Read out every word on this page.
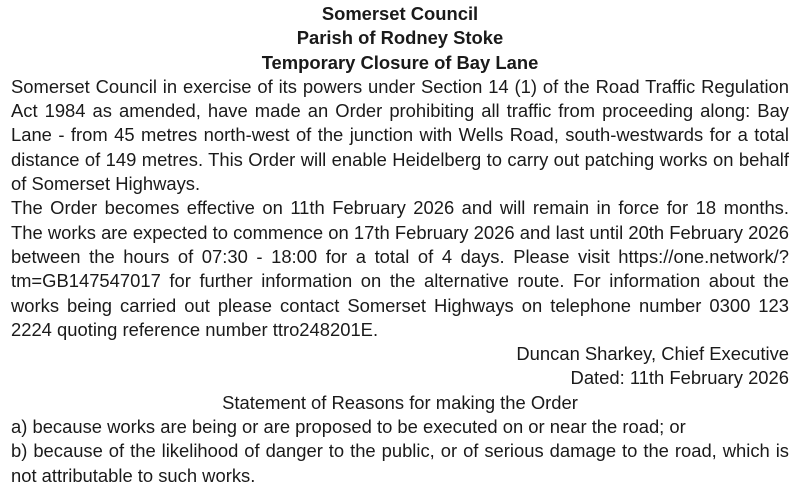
Somerset Council

Parish of Rodney Stoke

Temporary Closure of Bay Lane

Somerset Council in exercise of its powers under Section 14 (1) of the Road Traffic Regulation Act 1984 as amended, have made an Order prohibiting all traffic from proceeding along: Bay Lane - from 45 metres north-west of the junction with Wells Road, south-westwards for a total distance of 149 metres. This Order will enable Heidelberg to carry out patching works on behalf of Somerset Highways.

The Order becomes effective on 11th February 2026 and will remain in force for 18 months. The works are expected to commence on 17th February 2026 and last until 20th February 2026 between the hours of 07:30 - 18:00 for a total of 4 days. Please visit https://one.network/?tm=GB147547017 for further information on the alternative route. For information about the works being carried out please contact Somerset Highways on telephone number 0300 123 2224 quoting reference number ttro248201E.

Duncan Sharkey, Chief Executive

Dated: 11th February 2026

Statement of Reasons for making the Order

a) because works are being or are proposed to be executed on or near the road; or

b) because of the likelihood of danger to the public, or of serious damage to the road, which is not attributable to such works.
